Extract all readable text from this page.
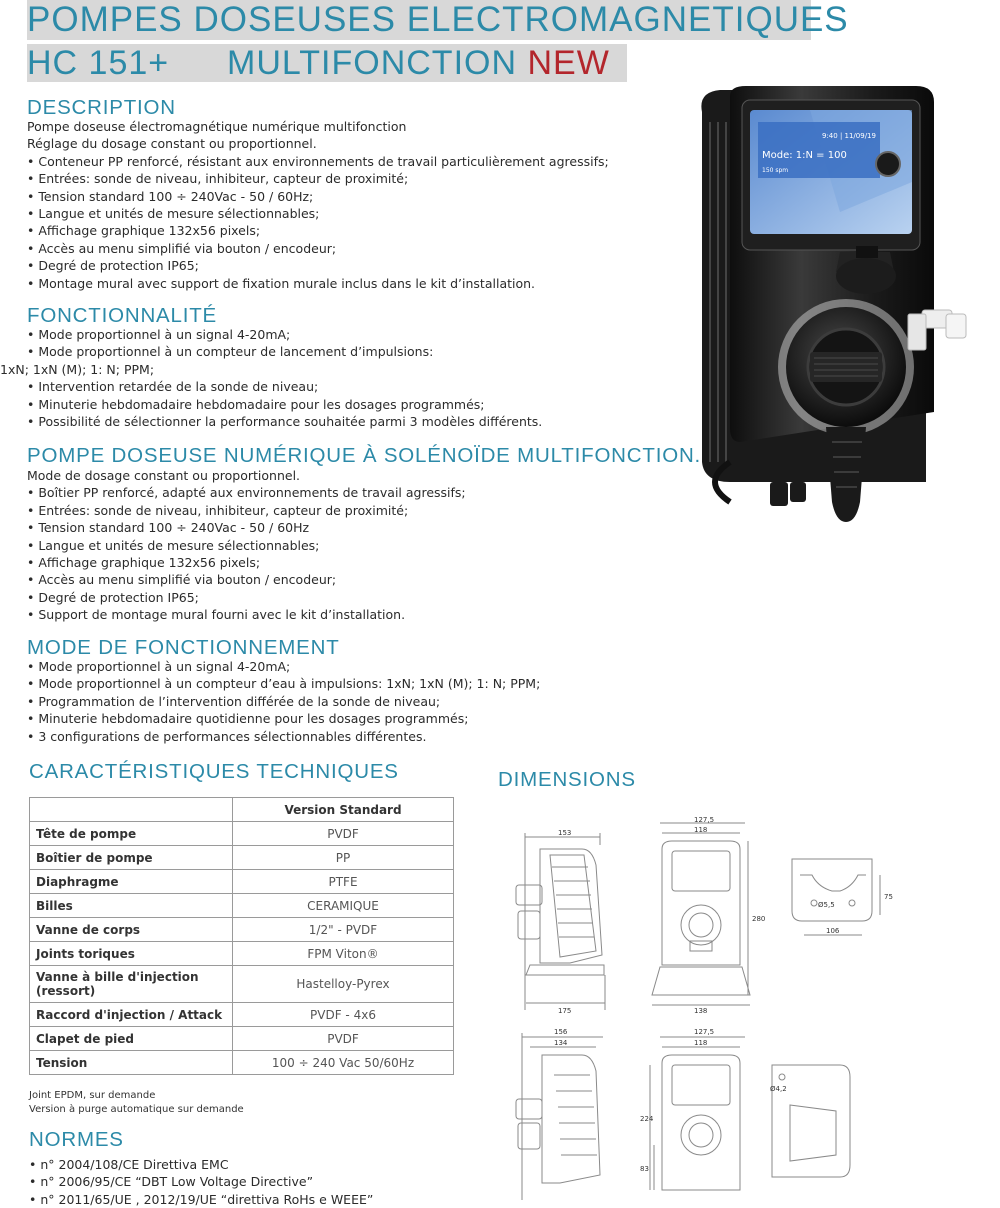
POMPES DOSEUSES ELECTROMAGNETIQUES
HC 151+ MULTIFONCTION NEW
DESCRIPTION
Pompe doseuse électromagnétique numérique multifonction
Réglage du dosage constant ou proportionnel.
• Conteneur PP renforcé, résistant aux environnements de travail particulièrement agressifs;
• Entrées: sonde de niveau, inhibiteur, capteur de proximité;
• Tension standard 100 ÷ 240Vac - 50 / 60Hz;
• Langue et unités de mesure sélectionnables;
• Affichage graphique 132x56 pixels;
• Accès au menu simplifié via bouton / encodeur;
• Degré de protection IP65;
• Montage mural avec support de fixation murale inclus dans le kit d’installation.
FONCTIONNALITÉ
• Mode proportionnel à un signal 4-20mA;
• Mode proportionnel à un compteur de lancement d’impulsions:
1xN; 1xN (M); 1: N; PPM;
• Intervention retardée de la sonde de niveau;
• Minuterie hebdomadaire hebdomadaire pour les dosages programmés;
• Possibilité de sélectionner la performance souhaitée parmi 3 modèles différents.
POMPE DOSEUSE NUMÉRIQUE À SOLÉNOÏDE MULTIFONCTION.
Mode de dosage constant ou proportionnel.
• Boîtier PP renforcé, adapté aux environnements de travail agressifs;
• Entrées: sonde de niveau, inhibiteur, capteur de proximité;
• Tension standard 100 ÷ 240Vac - 50 / 60Hz
• Langue et unités de mesure sélectionnables;
• Affichage graphique 132x56 pixels;
• Accès au menu simplifié via bouton / encodeur;
• Degré de protection IP65;
• Support de montage mural fourni avec le kit d’installation.
MODE DE FONCTIONNEMENT
• Mode proportionnel à un signal 4-20mA;
• Mode proportionnel à un compteur d’eau à impulsions: 1xN; 1xN (M); 1: N; PPM;
• Programmation de l’intervention différée de la sonde de niveau;
• Minuterie hebdomadaire quotidienne pour les dosages programmés;
• 3 configurations de performances sélectionnables différentes.
CARACTÉRISTIQUES TECHNIQUES
	Version Standard
Tête de pompe	PVDF
Boîtier de pompe	PP
Diaphragme	PTFE
Billes	CERAMIQUE
Vanne de corps	1/2" - PVDF
Joints toriques	FPM Viton®
Vanne à bille d'injection (ressort)	Hastelloy-Pyrex
Raccord d'injection / Attack	PVDF - 4x6
Clapet de pied	PVDF
Tension	100 ÷ 240 Vac 50/60Hz
Joint EPDM, sur demande
Version à purge automatique sur demande
NORMES
• n° 2004/108/CE Direttiva EMC
• n° 2006/95/CE “DBT Low Voltage Directive”
• n° 2011/65/UE , 2012/19/UE “direttiva RoHs e WEEE”
DIMENSIONS
9:40 | 11/09/19
Mode: 1:N = 100
150 spm
153
175
127,5
118
280
138
Ø5,5
75
106
156
134
127,5
118
224
83
Ø4,2
